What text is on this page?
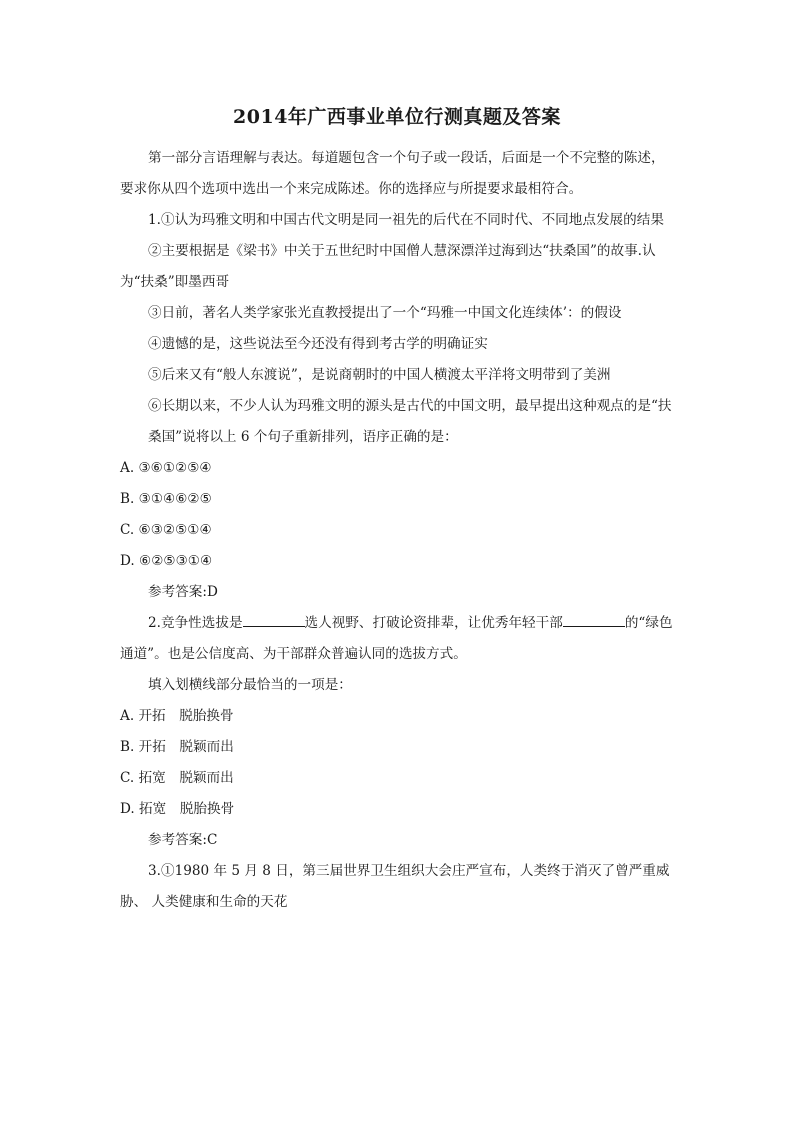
2014年广西事业单位行测真题及答案

第一部分言语理解与表达。每道题包含一个句子或一段话，后面是一个不完整的陈述，要求你从四个选项中选出一个来完成陈述。你的选择应与所提要求最相符合。

1.①认为玛雅文明和中国古代文明是同一祖先的后代在不同时代、不同地点发展的结果

②主要根据是《梁书》中关于五世纪时中国僧人慧深漂洋过海到达“扶桑国”的故事.认为“扶桑”即墨西哥

③日前，著名人类学家张光直教授提出了一个“玛雅一中国文化连续体’：的假设

④遗憾的是，这些说法至今还没有得到考古学的明确证实

⑤后来又有“般人东渡说”，是说商朝时的中国人横渡太平洋将文明带到了美洲

⑥长期以来，不少人认为玛雅文明的源头是古代的中国文明，最早提出这种观点的是“扶

桑国”说将以上 6 个句子重新排列，语序正确的是：

A. ③⑥①②⑤④

B. ③①④⑥②⑤

C. ⑥③②⑤①④

D. ⑥②⑤③①④

参考答案:D

2.竞争性选拔是	选人视野、打破论资排辈，让优秀年轻干部	的“绿色通道”。也是公信度高、为干部群众普遍认同的选拔方式。

填入划横线部分最恰当的一项是：

A. 开拓　脱胎换骨

B. 开拓　脱颖而出

C. 拓宽　脱颖而出

D. 拓宽　脱胎换骨

参考答案:C

3.①1980 年 5 月 8 日，第三届世界卫生组织大会庄严宣布，人类终于消灭了曾严重威胁、 人类健康和生命的天花
